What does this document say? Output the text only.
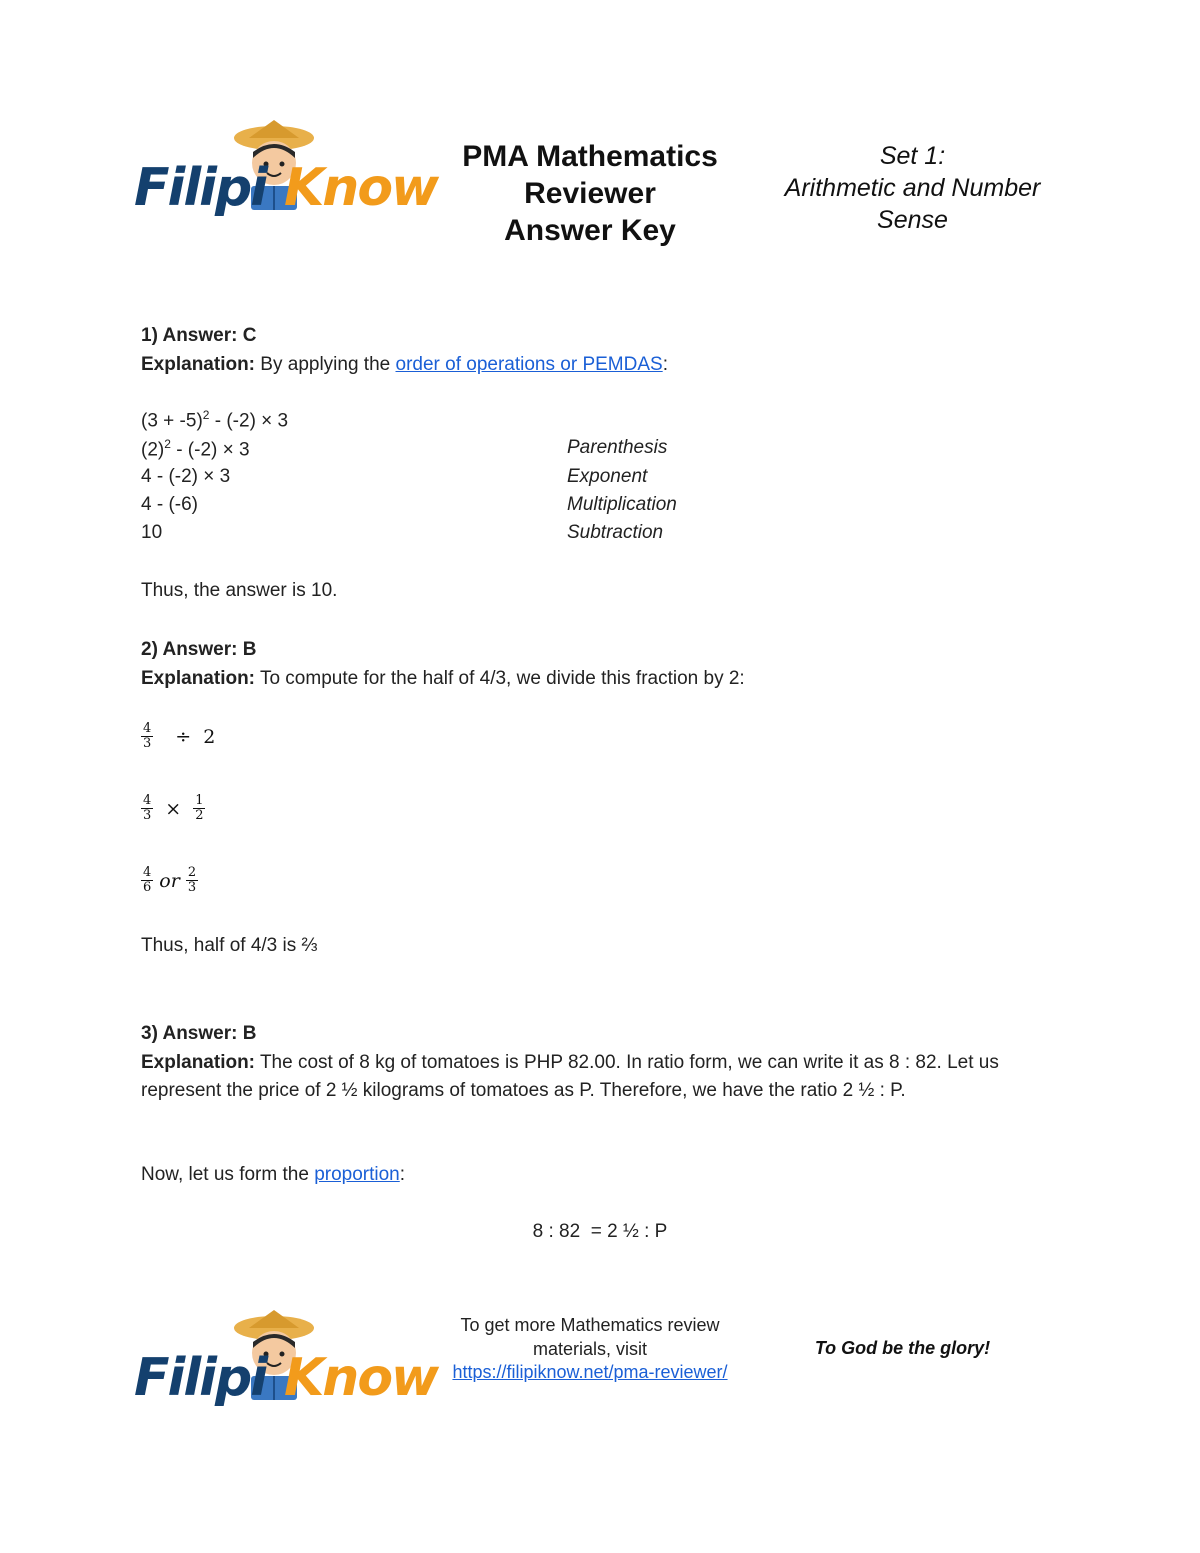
Filipi Know
PMA Mathematics
Reviewer
Answer Key
Set 1:
Arithmetic and Number
Sense
1) Answer: C
Explanation: By applying the order of operations or PEMDAS:
$(3 + -5)^2 - (-2) \times 3$
$(2)^2 - (-2) \times 3$	Parenthesis
4 - (-2) × 3	Exponent
4 - (-6)	Multiplication
10	Subtraction
Thus, the answer is 10.
2) Answer: B
Explanation: To compute for the half of 4/3, we divide this fraction by 2:
$\frac{4}{3} \div 2$
$\frac{4}{3} \times \frac{1}{2}$
$\frac{4}{6}$ or $\frac{2}{3}$
Thus, half of 4/3 is ⅔
3) Answer: B
Explanation: The cost of 8 kg of tomatoes is PHP 82.00. In ratio form, we can write it as 8 : 82. Let us represent the price of 2 ½ kilograms of tomatoes as P. Therefore, we have the ratio 2 ½ : P.
Now, let us form the proportion:
8 : 82  = 2 ½ : P
Filipi Know
To get more Mathematics review materials, visit
https://filipiknow.net/pma-reviewer/
To God be the glory!
